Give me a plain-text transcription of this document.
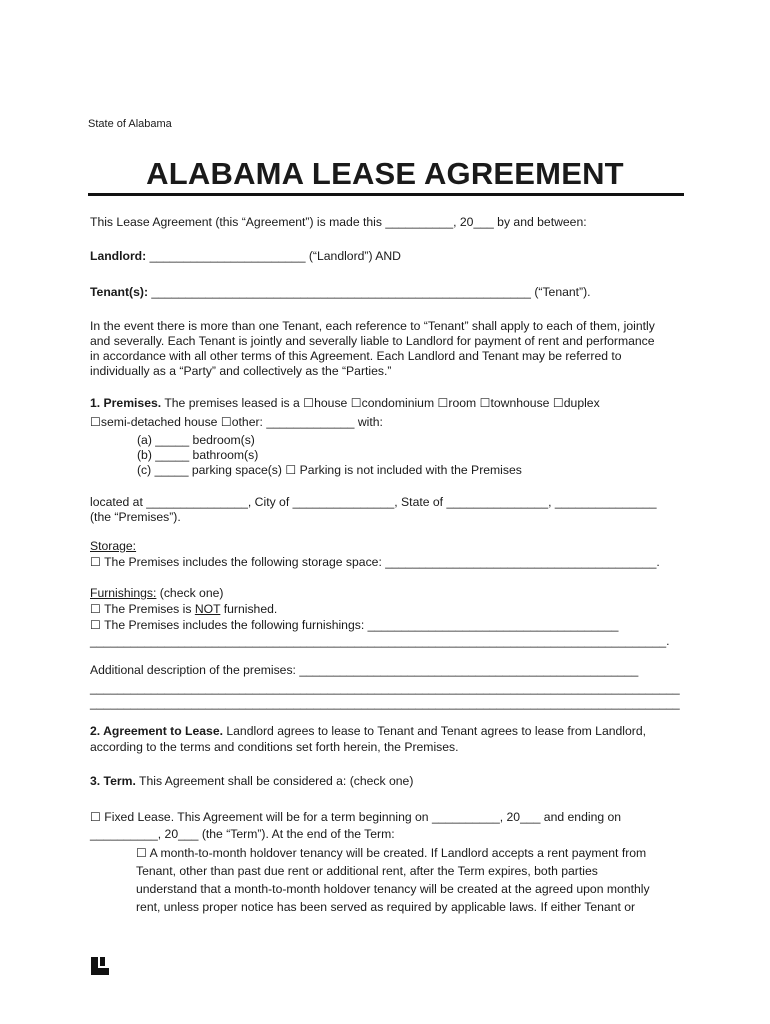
State of Alabama
ALABAMA LEASE AGREEMENT
This Lease Agreement (this “Agreement”) is made this __________, 20___ by and between:
Landlord: _______________________ (“Landlord”) AND
Tenant(s): ________________________________________________________ (“Tenant”).
In the event there is more than one Tenant, each reference to “Tenant” shall apply to each of them, jointly
and severally. Each Tenant is jointly and severally liable to Landlord for payment of rent and performance
in accordance with all other terms of this Agreement. Each Landlord and Tenant may be referred to
individually as a “Party” and collectively as the “Parties.”
1. Premises. The premises leased is a ☐house ☐condominium ☐room ☐townhouse ☐duplex
☐semi-detached house ☐other: _____________ with:
(a) _____ bedroom(s)
(b) _____ bathroom(s)
(c) _____ parking space(s) ☐ Parking is not included with the Premises
located at _______________, City of _______________, State of _______________, _______________
(the “Premises”).
Storage:
☐ The Premises includes the following storage space: ________________________________________.
Furnishings: (check one)
☐ The Premises is NOT furnished.
☐ The Premises includes the following furnishings: _____________________________________
_____________________________________________________________________________________.
Additional description of the premises: __________________________________________________
_______________________________________________________________________________________
_______________________________________________________________________________________
2. Agreement to Lease. Landlord agrees to lease to Tenant and Tenant agrees to lease from Landlord,
according to the terms and conditions set forth herein, the Premises.
3. Term. This Agreement shall be considered a: (check one)
☐ Fixed Lease. This Agreement will be for a term beginning on __________, 20___ and ending on
__________, 20___ (the “Term”). At the end of the Term:
☐ A month-to-month holdover tenancy will be created. If Landlord accepts a rent payment from
Tenant, other than past due rent or additional rent, after the Term expires, both parties
understand that a month-to-month holdover tenancy will be created at the agreed upon monthly
rent, unless proper notice has been served as required by applicable laws. If either Tenant or
